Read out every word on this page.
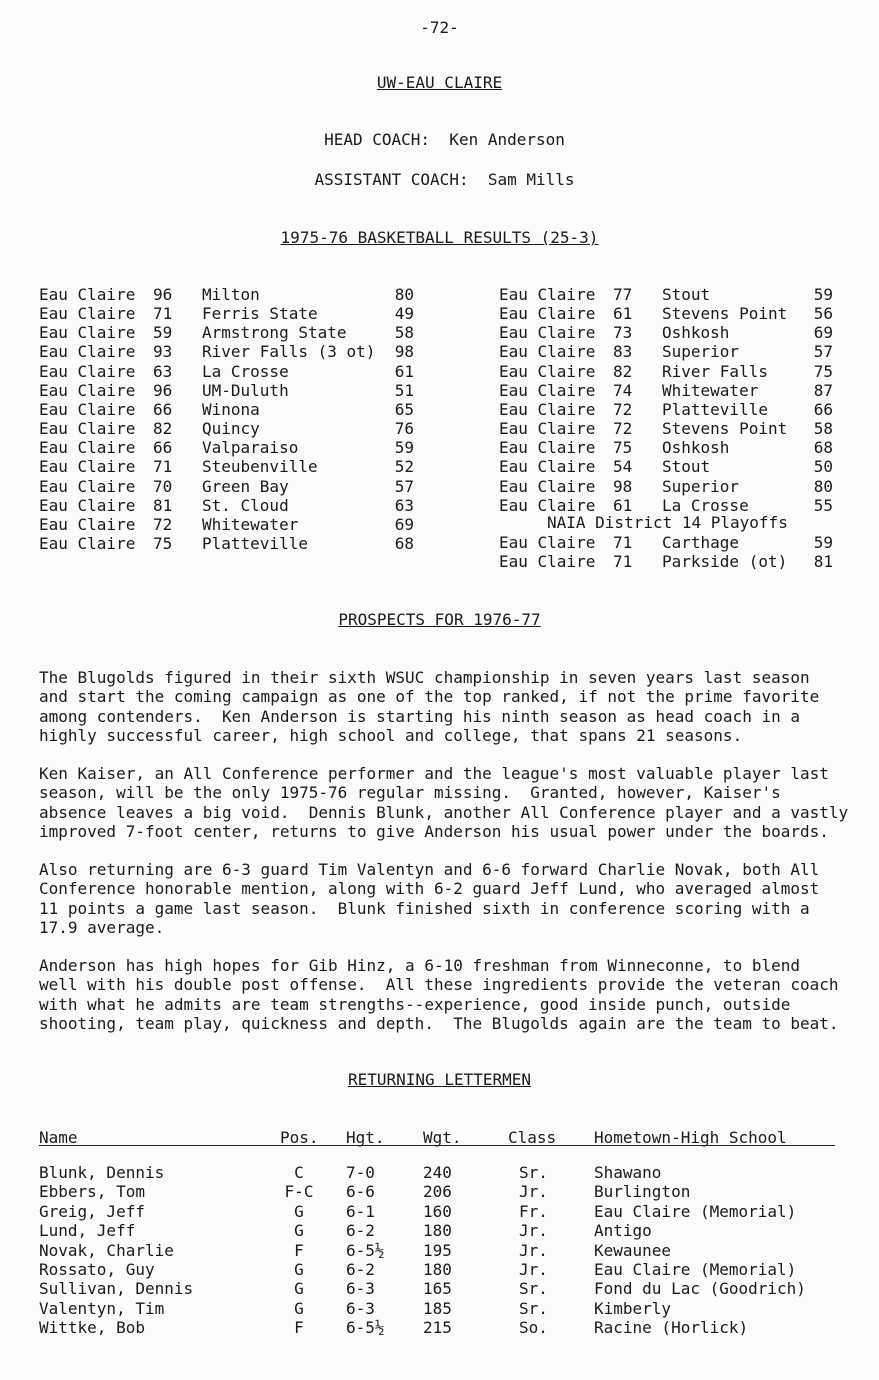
-72-
UW-EAU CLAIRE
HEAD COACH:  Ken Anderson
ASSISTANT COACH:  Sam Mills
1975-76 BASKETBALL RESULTS (25-3)
Eau Claire 96 Milton	80
Eau Claire 71 Ferris State	49
Eau Claire 59 Armstrong State	58
Eau Claire 93 River Falls (3 ot)	98
Eau Claire 63 La Crosse	61
Eau Claire 96 UM-Duluth	51
Eau Claire 66 Winona	65
Eau Claire 82 Quincy	76
Eau Claire 66 Valparaiso	59
Eau Claire 71 Steubenville	52
Eau Claire 70 Green Bay	57
Eau Claire 81 St. Cloud	63
Eau Claire 72 Whitewater	69
Eau Claire 75 Platteville	68
Eau Claire 77 Stout	59
Eau Claire 61 Stevens Point	56
Eau Claire 73 Oshkosh	69
Eau Claire 83 Superior	57
Eau Claire 82 River Falls	75
Eau Claire 74 Whitewater	87
Eau Claire 72 Platteville	66
Eau Claire 72 Stevens Point	58
Eau Claire 75 Oshkosh	68
Eau Claire 54 Stout	50
Eau Claire 98 Superior	80
Eau Claire 61 La Crosse	55
NAIA District 14 Playoffs
Eau Claire 71 Carthage	59
Eau Claire 71 Parkside (ot)	81
PROSPECTS FOR 1976-77
The Blugolds figured in their sixth WSUC championship in seven years last season
and start the coming campaign as one of the top ranked, if not the prime favorite
among contenders.  Ken Anderson is starting his ninth season as head coach in a
highly successful career, high school and college, that spans 21 seasons.
Ken Kaiser, an All Conference performer and the league's most valuable player last
season, will be the only 1975-76 regular missing.  Granted, however, Kaiser's
absence leaves a big void.  Dennis Blunk, another All Conference player and a vastly
improved 7-foot center, returns to give Anderson his usual power under the boards.
Also returning are 6-3 guard Tim Valentyn and 6-6 forward Charlie Novak, both All
Conference honorable mention, along with 6-2 guard Jeff Lund, who averaged almost
11 points a game last season.  Blunk finished sixth in conference scoring with a
17.9 average.
Anderson has high hopes for Gib Hinz, a 6-10 freshman from Winneconne, to blend
well with his double post offense.  All these ingredients provide the veteran coach
with what he admits are team strengths--experience, good inside punch, outside
shooting, team play, quickness and depth.  The Blugolds again are the team to beat.
RETURNING LETTERMEN
Name	Pos. Hgt. Wgt.	Class Hometown-High School
Blunk, Dennis	C	7-0	240	Sr.	Shawano
Ebbers, Tom	F-C	6-6	206	Jr.	Burlington
Greig, Jeff	G	6-1	160	Fr.	Eau Claire (Memorial)
Lund, Jeff	G	6-2	180	Jr.	Antigo
Novak, Charlie	F	6-5½ 195	Jr.	Kewaunee
Rossato, Guy	G	6-2	180	Jr.	Eau Claire (Memorial)
Sullivan, Dennis	G	6-3	165	Sr.	Fond du Lac (Goodrich)
Valentyn, Tim	G	6-3	185	Sr.	Kimberly
Wittke, Bob	F	6-5½ 215	So.	Racine (Horlick)
